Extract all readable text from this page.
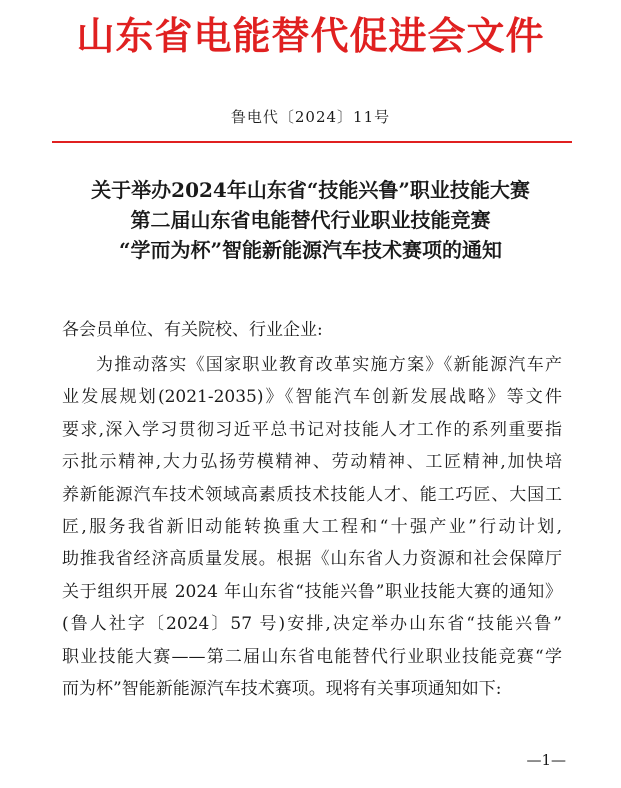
山东省电能替代促进会文件
鲁电代〔2024〕11号
关于举办2024年山东省“技能兴鲁”职业技能大赛
第二届山东省电能替代行业职业技能竞赛
“学而为杯”智能新能源汽车技术赛项的通知
各会员单位、有关院校、行业企业:
为推动落实《国家职业教育改革实施方案》《新能源汽车产
业发展规划(2021-2035)》《智能汽车创新发展战略》等文件
要求,深入学习贯彻习近平总书记对技能人才工作的系列重要指
示批示精神,大力弘扬劳模精神、劳动精神、工匠精神,加快培
养新能源汽车技术领域高素质技术技能人才、能工巧匠、大国工
匠,服务我省新旧动能转换重大工程和“十强产业”行动计划,
助推我省经济高质量发展。根据《山东省人力资源和社会保障厅
关于组织开展 2024 年山东省“技能兴鲁”职业技能大赛的通知》
(鲁人社字〔2024〕57 号)安排,决定举办山东省“技能兴鲁”
职业技能大赛——第二届山东省电能替代行业职业技能竞赛“学
而为杯”智能新能源汽车技术赛项。现将有关事项通知如下:
—1—
